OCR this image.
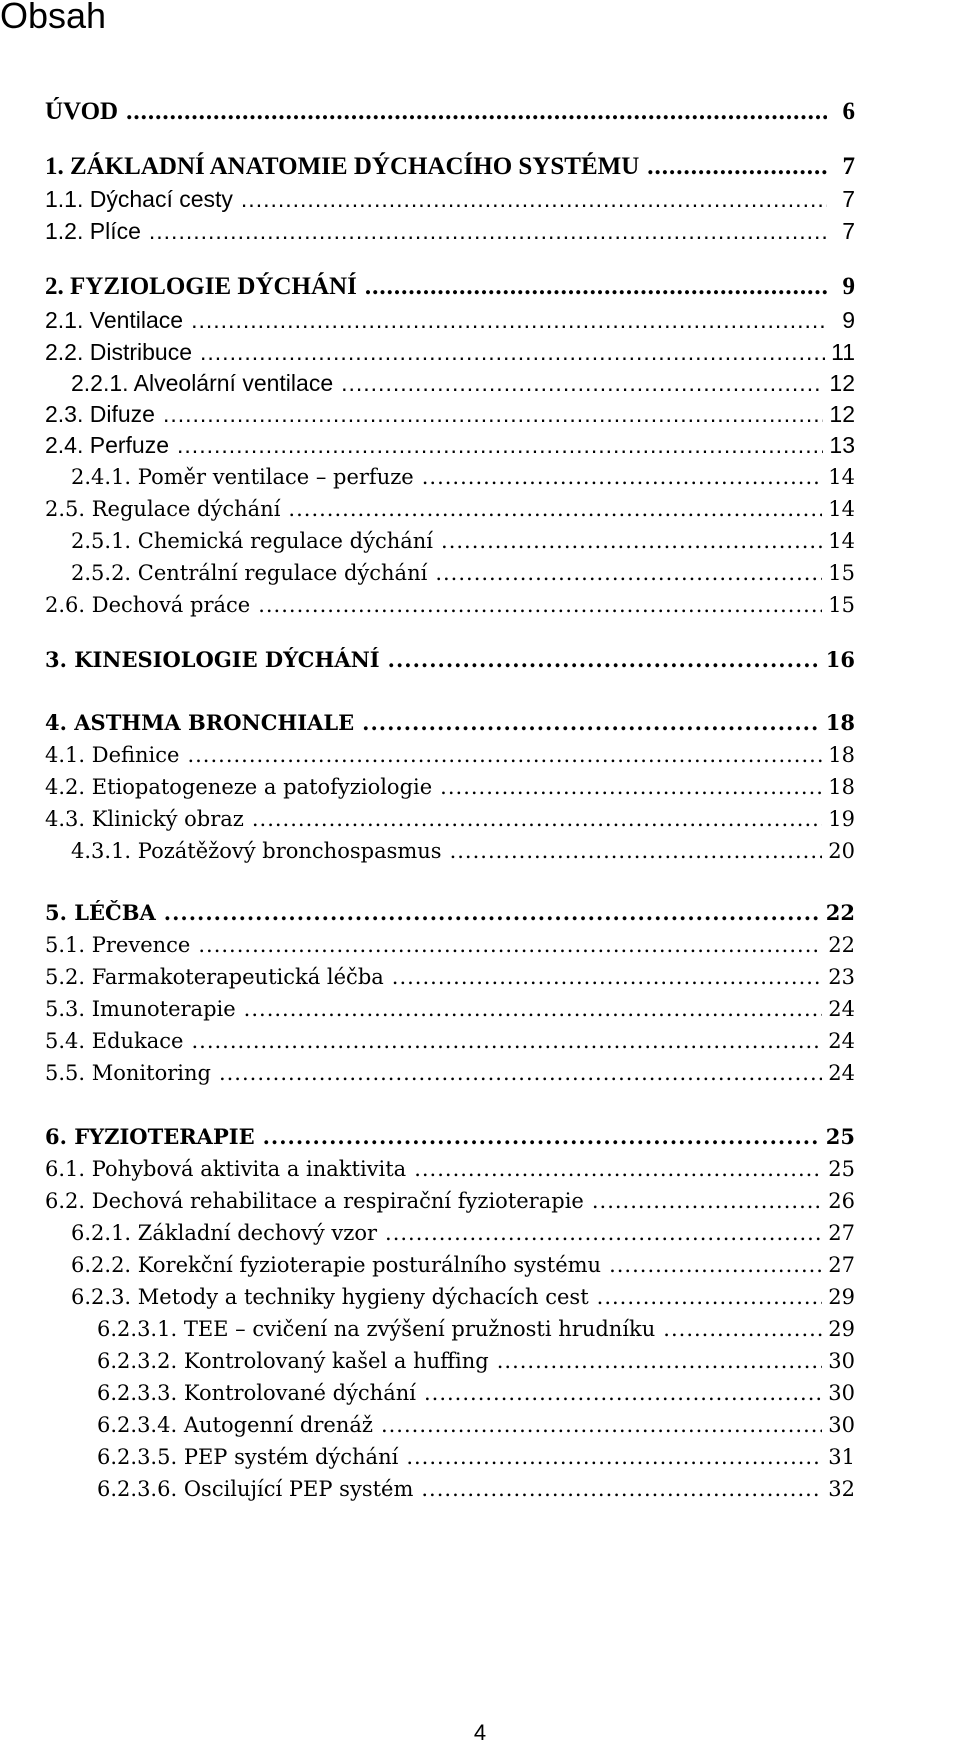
Obsah
ÚVOD .....	6
1. ZÁKLADNÍ ANATOMIE DÝCHACÍHO SYSTÉMU .....	7
1.1. Dýchací cesty .....	7
1.2. Plíce .....	7
2. FYZIOLOGIE DÝCHÁNÍ .....	9
2.1. Ventilace .....	9
2.2. Distribuce .....	11
2.2.1. Alveolární ventilace .....	12
2.3. Difuze .....	12
2.4. Perfuze .....	13
2.4.1. Poměr ventilace – perfuze .....	14
2.5. Regulace dýchání .....	14
2.5.1. Chemická regulace dýchání .....	14
2.5.2. Centrální regulace dýchání .....	15
2.6. Dechová práce .....	15
3. KINESIOLOGIE DÝCHÁNÍ .....	16
4. ASTHMA BRONCHIALE .....	18
4.1. Definice .....	18
4.2. Etiopatogeneze a patofyziologie .....	18
4.3. Klinický obraz .....	19
4.3.1. Pozátěžový bronchospasmus .....	20
5. LÉČBA .....	22
5.1. Prevence .....	22
5.2. Farmakoterapeutická léčba .....	23
5.3. Imunoterapie .....	24
5.4. Edukace .....	24
5.5. Monitoring .....	24
6. FYZIOTERAPIE .....	25
6.1. Pohybová aktivita a inaktivita .....	25
6.2. Dechová rehabilitace a respirační fyzioterapie .....	26
6.2.1. Základní dechový vzor .....	27
6.2.2. Korekční fyzioterapie posturálního systému .....	27
6.2.3. Metody a techniky hygieny dýchacích cest .....	29
6.2.3.1. TEE – cvičení na zvýšení pružnosti hrudníku .....	29
6.2.3.2. Kontrolovaný kašel a huffing .....	30
6.2.3.3. Kontrolované dýchání .....	30
6.2.3.4. Autogenní drenáž .....	30
6.2.3.5. PEP systém dýchání .....	31
6.2.3.6. Oscilující PEP systém .....	32
4
